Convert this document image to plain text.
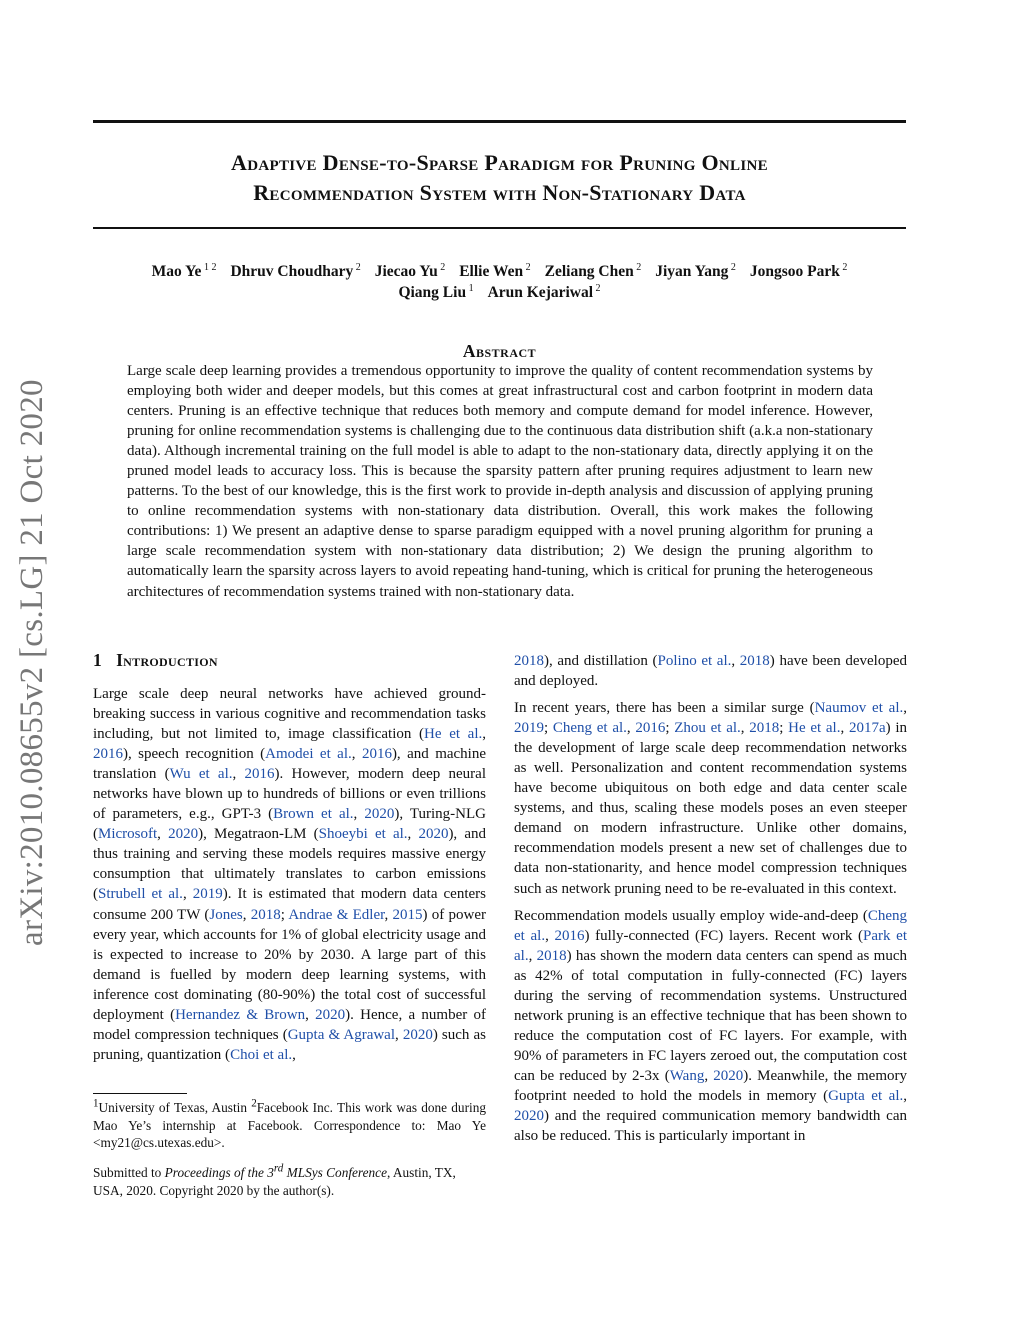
Adaptive Dense-to-Sparse Paradigm for Pruning Online
Recommendation System with Non-Stationary Data
Mao Ye $^{1 2}$ Dhruv Choudhary $^2$ Jiecao Yu $^2$ Ellie Wen $^2$ Zeliang Chen $^2$ Jiyan Yang $^2$ Jongsoo Park $^2$
Qiang Liu $^1$ Arun Kejariwal $^2$
Abstract

Large scale deep learning provides a tremendous opportunity to improve the quality of content recommendation systems by employing both wider and deeper models, but this comes at great infrastructural cost and carbon footprint in modern data centers. Pruning is an effective technique that reduces both memory and compute demand for model inference. However, pruning for online recommendation systems is challenging due to the continuous data distribution shift (a.k.a non-stationary data). Although incremental training on the full model is able to adapt to the non-stationary data, directly applying it on the pruned model leads to accuracy loss. This is because the sparsity pattern after pruning requires adjustment to learn new patterns. To the best of our knowledge, this is the first work to provide in-depth analysis and discussion of applying pruning to online recommendation systems with non-stationary data distribution. Overall, this work makes the following contributions: 1) We present an adaptive dense to sparse paradigm equipped with a novel pruning algorithm for pruning a large scale recommendation system with non-stationary data distribution; 2) We design the pruning algorithm to automatically learn the sparsity across layers to avoid repeating hand-tuning, which is critical for pruning the heterogeneous architectures of recommendation systems trained with non-stationary data.

arXiv:2010.08655v2 [cs.LG] 21 Oct 2020 1 Introduction

Large scale deep neural networks have achieved ground-breaking success in various cognitive and recommendation tasks including, but not limited to, image classification (He et al., 2016), speech recognition (Amodei et al., 2016), and machine translation (Wu et al., 2016). However, modern deep neural networks have blown up to hundreds of billions or even trillions of parameters, e.g., GPT-3 (Brown et al., 2020), Turing-NLG (Microsoft, 2020), Megatraon-LM (Shoeybi et al., 2020), and thus training and serving these models requires massive energy consumption that ultimately translates to carbon emissions (Strubell et al., 2019). It is estimated that modern data centers consume 200 TW (Jones, 2018; Andrae & Edler, 2015) of power every year, which accounts for 1% of global electricity usage and is expected to increase to 20% by 2030. A large part of this demand is fuelled by modern deep learning systems, with inference cost dominating (80-90%) the total cost of successful deployment (Hernandez & Brown, 2020). Hence, a number of model compression techniques (Gupta & Agrawal, 2020) such as pruning, quantization (Choi et al.,

$^1$University of Texas, Austin $^2$Facebook Inc. This work was done during Mao Ye’s internship at Facebook. Correspondence to: Mao Ye <my21@cs.utexas.edu>.

Submitted to Proceedings of the 3rd MLSys Conference, Austin, TX, USA, 2020. Copyright 2020 by the author(s).

2018), and distillation (Polino et al., 2018) have been developed and deployed.

In recent years, there has been a similar surge (Naumov et al., 2019; Cheng et al., 2016; Zhou et al., 2018; He et al., 2017a) in the development of large scale deep recommendation networks as well. Personalization and content recommendation systems have become ubiquitous on both edge and data center scale systems, and thus, scaling these models poses an even steeper demand on modern infrastructure. Unlike other domains, recommendation models present a new set of challenges due to data non-stationarity, and hence model compression techniques such as network pruning need to be re-evaluated in this context.

Recommendation models usually employ wide-and-deep (Cheng et al., 2016) fully-connected (FC) layers. Recent work (Park et al., 2018) has shown the modern data centers can spend as much as 42% of total computation in fully-connected (FC) layers during the serving of recommendation systems. Unstructured network pruning is an effective technique that has been shown to reduce the computation cost of FC layers. For example, with 90% of parameters in FC layers zeroed out, the computation cost can be reduced by 2-3x (Wang, 2020). Meanwhile, the memory footprint needed to hold the models in memory (Gupta et al., 2020) and the required communication memory bandwidth can also be reduced. This is particularly important in
